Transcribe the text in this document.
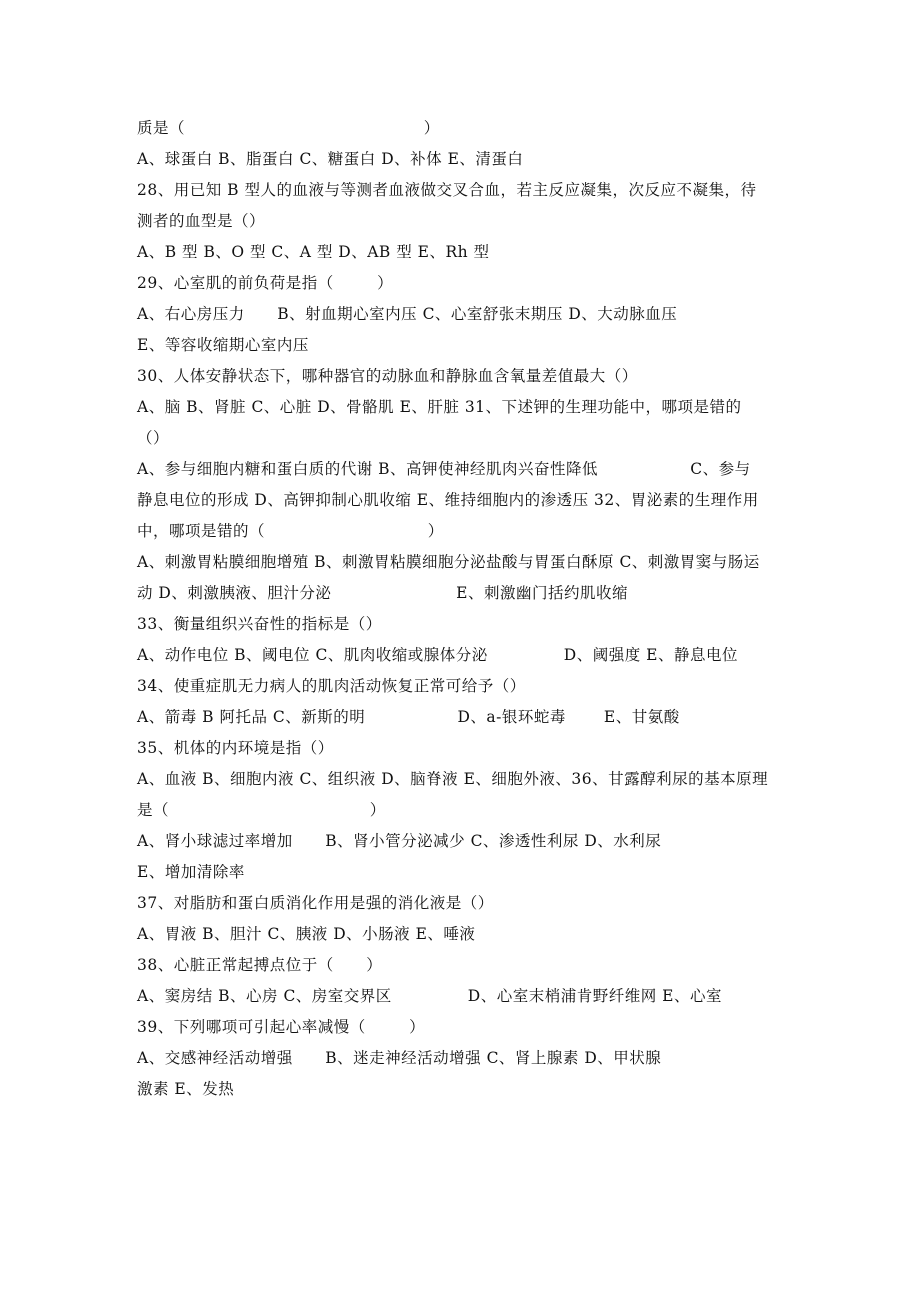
质是（                                            ）
A、球蛋白 B、脂蛋白 C、糖蛋白 D、补体 E、清蛋白
28、用已知 B 型人的血液与等测者血液做交叉合血，若主反应凝集，次反应不凝集，待
测者的血型是（）
A、B 型 B、O 型 C、A 型 D、AB 型 E、Rh 型
29、心室肌的前负荷是指（        ）
A、右心房压力      B、射血期心室内压 C、心室舒张末期压 D、大动脉血压
E、等容收缩期心室内压
30、人体安静状态下，哪种器官的动脉血和静脉血含氧量差值最大（）
A、脑 B、肾脏 C、心脏 D、骨骼肌 E、肝脏 31、下述钾的生理功能中，哪项是错的
（）
A、参与细胞内糖和蛋白质的代谢 B、高钾使神经肌肉兴奋性降低                 C、参与
静息电位的形成 D、高钾抑制心肌收缩 E、维持细胞内的渗透压 32、胃泌素的生理作用
中，哪项是错的（                              ）
A、刺激胃粘膜细胞增殖 B、刺激胃粘膜细胞分泌盐酸与胃蛋白酥原 C、刺激胃窦与肠运
动 D、刺激胰液、胆汁分泌                       E、刺激幽门括约肌收缩
33、衡量组织兴奋性的指标是（）
A、动作电位 B、阈电位 C、肌肉收缩或腺体分泌              D、阈强度 E、静息电位
34、使重症肌无力病人的肌肉活动恢复正常可给予（）
A、箭毒 B 阿托品 C、新斯的明                 D、a-银环蛇毒       E、甘氨酸
35、机体的内环境是指（）
A、血液 B、细胞内液 C、组织液 D、脑脊液 E、细胞外液、36、甘露醇利尿的基本原理
是（                                     ）
A、肾小球滤过率增加      B、肾小管分泌减少 C、渗透性利尿 D、水利尿
E、增加清除率
37、对脂肪和蛋白质消化作用是强的消化液是（）
A、胃液 B、胆汁 C、胰液 D、小肠液 E、唾液
38、心脏正常起搏点位于（      ）
A、窦房结 B、心房 C、房室交界区              D、心室末梢浦肯野纤维网 E、心室
39、下列哪项可引起心率减慢（        ）
A、交感神经活动增强      B、迷走神经活动增强 C、肾上腺素 D、甲状腺
激素 E、发热
